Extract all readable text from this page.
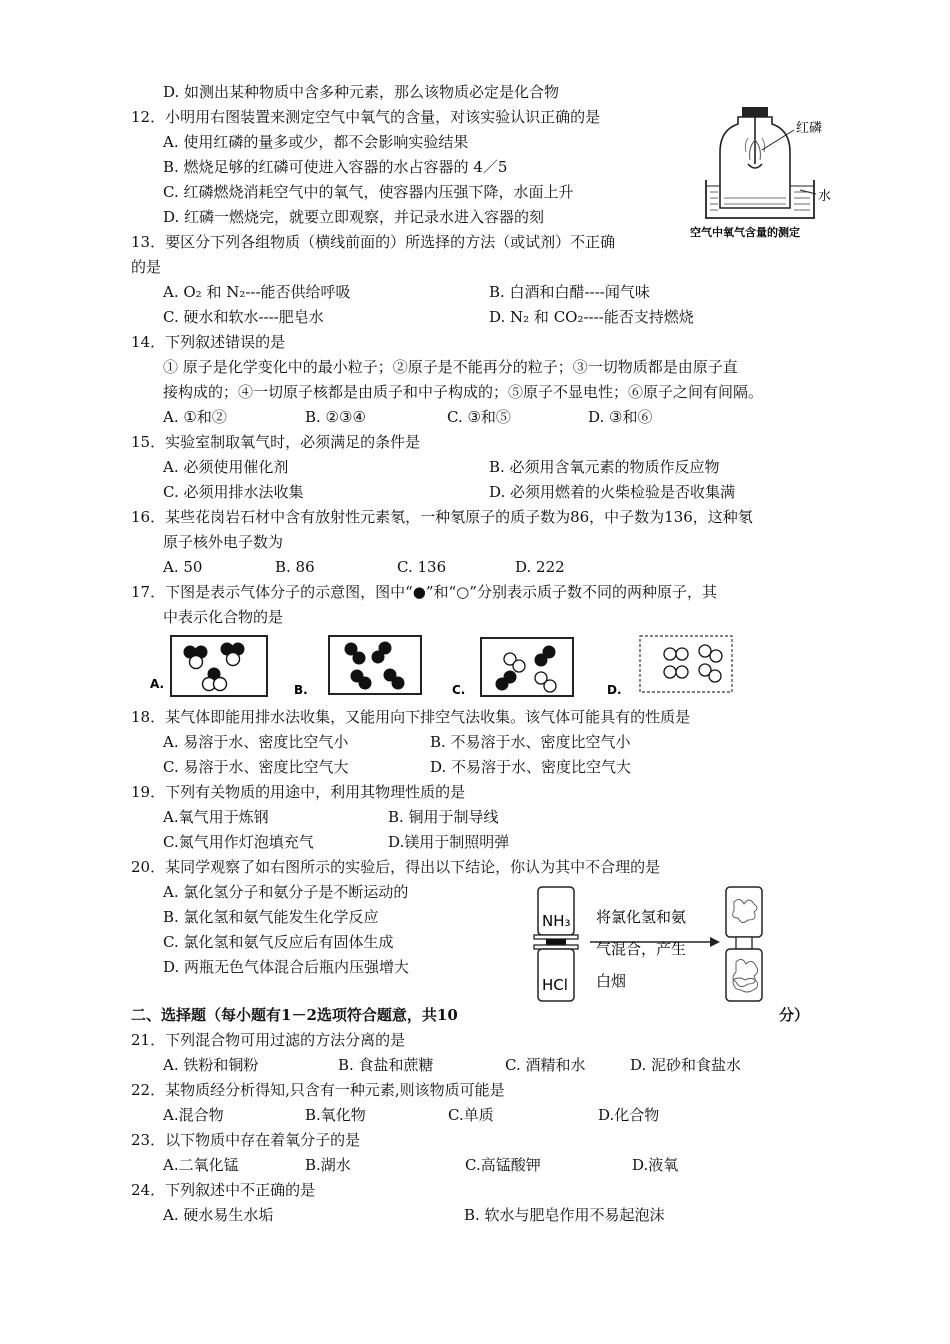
D. 如测出某种物质中含多种元素，那么该物质必定是化合物
12．小明用右图装置来测定空气中氧气的含量，对该实验认识正确的是
A. 使用红磷的量多或少，都不会影响实验结果
B. 燃烧足够的红磷可使进入容器的水占容器的 4／5
C. 红磷燃烧消耗空气中的氧气，使容器内压强下降，水面上升
D. 红磷一燃烧完，就要立即观察，并记录水进入容器的刻
红磷
水
空气中氧气含量的测定
13．要区分下列各组物质（横线前面的）所选择的方法（或试剂）不正确
的是
A. O₂ 和 N₂---能否供给呼吸	B. 白酒和白醋----闻气味
C. 硬水和软水----肥皂水	D. N₂ 和 CO₂----能否支持燃烧
14．下列叙述错误的是
① 原子是化学变化中的最小粒子；②原子是不能再分的粒子；③一切物质都是由原子直
接构成的；④一切原子核都是由质子和中子构成的；⑤原子不显电性；⑥原子之间有间隔。
A. ①和②	B. ②③④	C. ③和⑤	D. ③和⑥
15．实验室制取氧气时，必须满足的条件是
A. 必须使用催化剂	B. 必须用含氧元素的物质作反应物
C. 必须用排水法收集	D. 必须用燃着的火柴检验是否收集满
16．某些花岗岩石材中含有放射性元素氡，一种氡原子的质子数为86，中子数为136，这种氡
原子核外电子数为
A. 50	B. 86	C. 136	D. 222
17．下图是表示气体分子的示意图，图中“●”和“○”分别表示质子数不同的两种原子，其
中表示化合物的是
A.	B.	C.	D.
18．某气体即能用排水法收集，又能用向下排空气法收集。该气体可能具有的性质是
A. 易溶于水、密度比空气小	B. 不易溶于水、密度比空气小
C. 易溶于水、密度比空气大	D. 不易溶于水、密度比空气大
19．下列有关物质的用途中，利用其物理性质的是
A.氧气用于炼钢	B. 铜用于制导线
C.氮气用作灯泡填充气	D.镁用于制照明弹
20．某同学观察了如右图所示的实验后，得出以下结论，你认为其中不合理的是
A. 氯化氢分子和氨分子是不断运动的
B. 氯化氢和氨气能发生化学反应
C. 氯化氢和氨气反应后有固体生成
D. 两瓶无色气体混合后瓶内压强增大
NH₃
HCl
将氯化氢和氨
气混合，产生
白烟
二、选择题（每小题有1－2选项符合题意，共10	分）
21．下列混合物可用过滤的方法分离的是
A. 铁粉和铜粉	B. 食盐和蔗糖	C. 酒精和水	D. 泥砂和食盐水
22．某物质经分析得知,只含有一种元素,则该物质可能是
A.混合物	B.氧化物	C.单质	D.化合物
23．以下物质中存在着氧分子的是
A.二氧化锰	B.湖水	C.高锰酸钾	D.液氧
24．下列叙述中不正确的是
A. 硬水易生水垢	B. 软水与肥皂作用不易起泡沫
